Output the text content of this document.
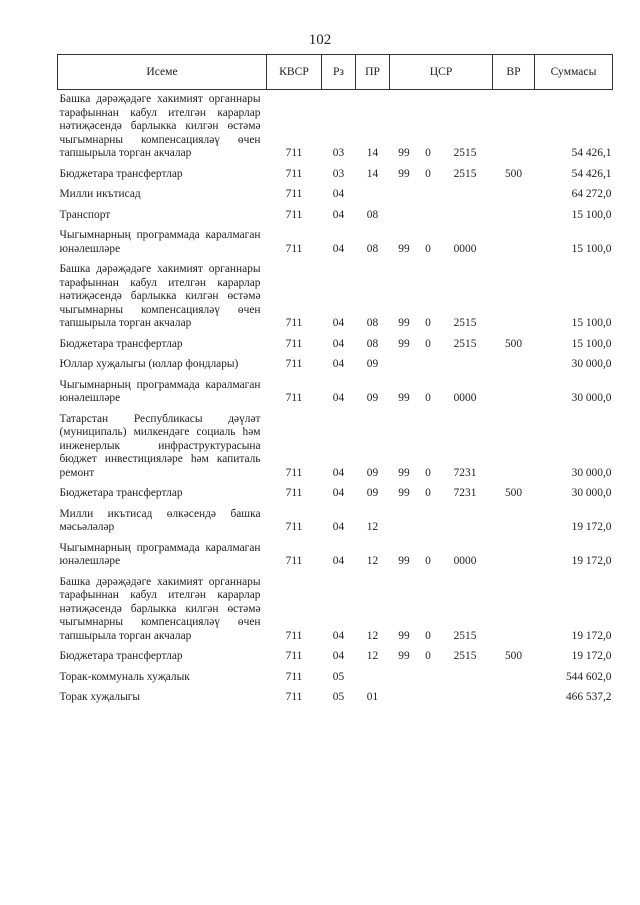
102
Исеме	КВСР	Рз	ПР	ЦСР			ВР	Суммасы
Башка дәрәҗәдәге хакимият органнары тарафыннан кабул ителгән карарлар нәтиҗәсендә барлыкка килгән өстәмә чыгымнарны компенсацияләү өчен тапшырыла торган акчалар	711	03	14	99	0	2515		54 426,1
Бюджетара трансфертлар	711	03	14	99	0	2515	500	54 426,1
Милли икътисад	711	04						64 272,0
Транспорт	711	04	08					15 100,0
Чыгымнарның программада каралмаган юнәлешләре	711	04	08	99	0	0000		15 100,0
Башка дәрәҗәдәге хакимият органнары тарафыннан кабул ителгән карарлар нәтиҗәсендә барлыкка килгән өстәмә чыгымнарны компенсацияләү өчен тапшырыла торган акчалар	711	04	08	99	0	2515		15 100,0
Бюджетара трансфертлар	711	04	08	99	0	2515	500	15 100,0
Юллар хуҗалыгы (юллар фондлары)	711	04	09					30 000,0
Чыгымнарның программада каралмаган юнәлешләре	711	04	09	99	0	0000		30 000,0
Татарстан Республикасы дәүләт (муниципаль) милкендәге социаль һәм инженерлык инфраструктурасына бюджет инвестицияләре һәм капиталь ремонт	711	04	09	99	0	7231		30 000,0
Бюджетара трансфертлар	711	04	09	99	0	7231	500	30 000,0
Милли икътисад өлкәсендә башка мәсьәләләр	711	04	12					19 172,0
Чыгымнарның программада каралмаган юнәлешләре	711	04	12	99	0	0000		19 172,0
Башка дәрәҗәдәге хакимият органнары тарафыннан кабул ителгән карарлар нәтиҗәсендә барлыкка килгән өстәмә чыгымнарны компенсацияләү өчен тапшырыла торган акчалар	711	04	12	99	0	2515		19 172,0
Бюджетара трансфертлар	711	04	12	99	0	2515	500	19 172,0
Торак-коммуналь хуҗалык	711	05						544 602,0
Торак хуҗалыгы	711	05	01					466 537,2
